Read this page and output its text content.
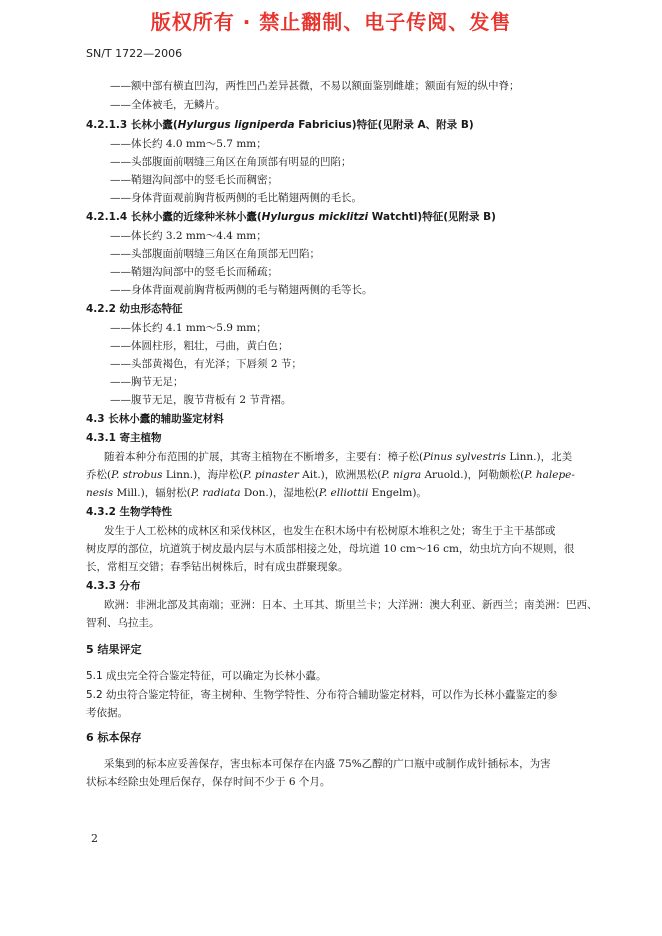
版权所有 · 禁止翻制、电子传阅、发售
SN/T 1722—2006
——额中部有横直凹沟，两性凹凸差异甚微，不易以额面鉴别雌雄；额面有短的纵中脊；
——全体被毛，无鳞片。
4.2.1.3 长林小蠹(Hylurgus ligniperda Fabricius)特征(见附录 A、附录 B)
——体长约 4.0 mm～5.7 mm；
——头部腹面前咽缝三角区在角顶部有明显的凹陷；
——鞘翅沟间部中的竖毛长而稠密；
——身体背面观前胸背板两侧的毛比鞘翅两侧的毛长。
4.2.1.4 长林小蠹的近缘种米林小蠹(Hylurgus micklitzi Watchtl)特征(见附录 B)
——体长约 3.2 mm～4.4 mm；
——头部腹面前咽缝三角区在角顶部无凹陷；
——鞘翅沟间部中的竖毛长而稀疏；
——身体背面观前胸背板两侧的毛与鞘翅两侧的毛等长。
4.2.2 幼虫形态特征
——体长约 4.1 mm～5.9 mm；
——体圆柱形，粗壮，弓曲，黄白色；
——头部黄褐色，有光泽；下唇须 2 节；
——胸节无足；
——腹节无足，腹节背板有 2 节背褶。
4.3 长林小蠹的辅助鉴定材料
4.3.1 寄主植物
随着本种分布范围的扩展，其寄主植物在不断增多，主要有：樟子松(Pinus sylvestris Linn.)，北美
乔松(P. strobus Linn.)，海岸松(P. pinaster Ait.)，欧洲黑松(P. nigra Aruold.)，阿勒颇松(P. halepe-
nesis Mill.)，辐射松(P. radiata Don.)，湿地松(P. elliottii Engelm)。
4.3.2 生物学特性
发生于人工松林的成林区和采伐林区，也发生在积木场中有松树原木堆积之处；寄生于主干基部或
树皮厚的部位，坑道筑于树皮最内层与木质部相接之处，母坑道 10 cm～16 cm，幼虫坑方向不规则，很
长，常相互交错；春季钻出树株后，时有成虫群聚现象。
4.3.3 分布
欧洲：非洲北部及其南端；亚洲：日本、土耳其、斯里兰卡；大洋洲：澳大利亚、新西兰；南美洲：巴西、
智利、乌拉圭。
5 结果评定
5.1 成虫完全符合鉴定特征，可以确定为长林小蠹。
5.2 幼虫符合鉴定特征，寄主树种、生物学特性、分布符合辅助鉴定材料，可以作为长林小蠹鉴定的参
考依据。
6 标本保存
采集到的标本应妥善保存，害虫标本可保存在内盛 75%乙醇的广口瓶中或制作成针插标本，为害
状标本经除虫处理后保存，保存时间不少于 6 个月。
2
